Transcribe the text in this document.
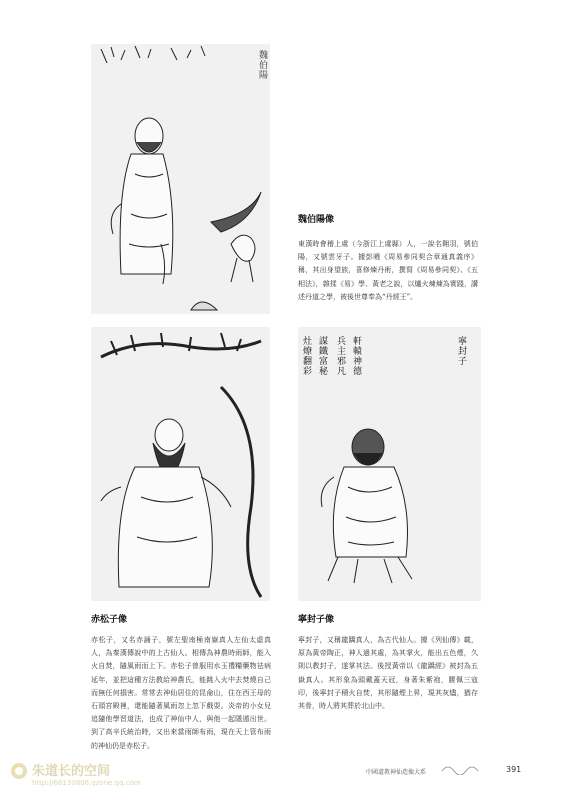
魏伯陽
魏伯陽像
東漢時會稽上虞（今浙江上虞縣）人，一說名翱羽，號伯陽，又號雲牙子。據彭曉《周易參同契合章通真義序》稱，其出身望族，喜修煉丹術，撰寫《周易參同契》、《五相法》，雜揉《易》學、黃老之說，以爐火煉煉為實踐，講述丹道之學，被後世尊奉為“丹經王”。
赤松子像
赤松子，又名赤誦子，號左聖南極南嶽真人左仙太虛真人，為秦漢傳說中的上古仙人。相傳為神農時雨師，能入火自焚，隨風雨而上下。赤松子曾服用水玉禮糧藥物祛病延年，並把這種方法教給神農氏，能跳入火中去焚燒自己而無任何損害。常常去神仙居住的昆侖山，住在西王母的石頭宮殿裡，還能隨著風雨忽上忽下戲耍。炎帝的小女兒追隨他學習道法，也成了神仙中人，與他一起隱遁出世。到了高辛氏統治時，又出來當雨師布雨，現在天上管布雨的神仙仍是赤松子。
灶燎翻彩 謀鐵富秘 兵主邪凡 軒轅神德	寧封子
寧封子像
寧封子，又稱龍蹻真人，為古代仙人。據《列仙傳》載，原為黃帝陶正，神人過其處，為其掌火，能出五色煙，久則以教封子，遂掌其法。後授黃帝以《龍蹻經》被封為五嶽真人。其形象為頭戴蓋天冠，身著朱紫袍，腰佩三寇印，後寧封子積火自焚，其形隨煙上昇，現其灰燼，猶存其骨，時人將其葬於北山中。
中國道教神仙造像大系	391
朱道长的空间
http://68130806.qzone.qq.com
